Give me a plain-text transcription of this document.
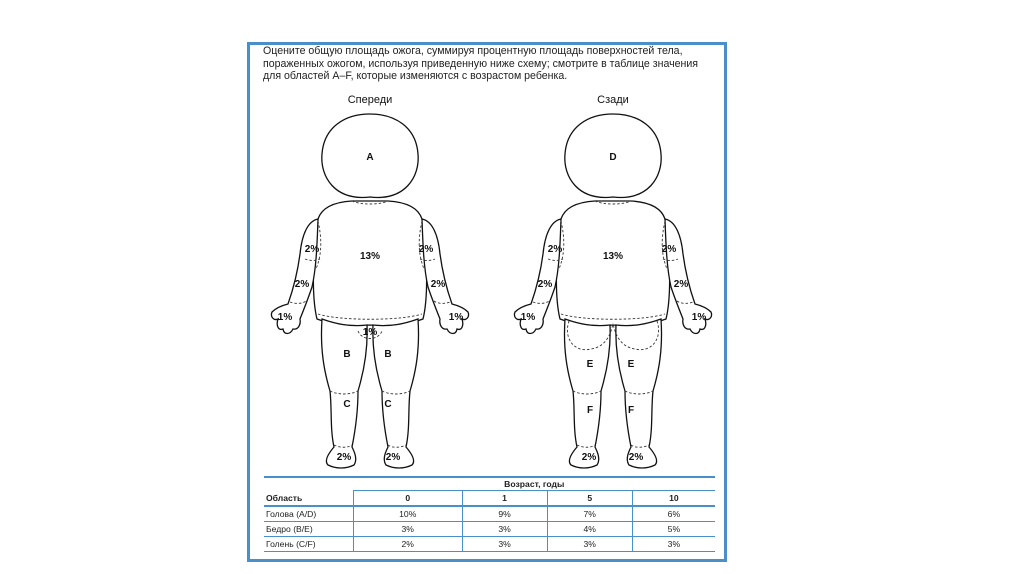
Оцените общую площадь ожога, суммируя процентную площадь поверхностей тела, пораженных ожогом, используя приведенную ниже схему; смотрите в таблице значения для областей A–F, которые изменяются с возрастом ребенка.

Спереди
A
13%
2%	2%
2%	2%
1%	1%
1%
B	B
C	C
2%	2%
Сзади
D
13%
2%	2%
2%	2%
1%	1%
E	E
F	F
2%	2%
	Возраст, годы			
Область	0	1	5	10
Голова (A/D)	10%	9%	7%	6%
Бедро (B/E)	3%	3%	4%	5%
Голень (C/F)	2%	3%	3%	3%
